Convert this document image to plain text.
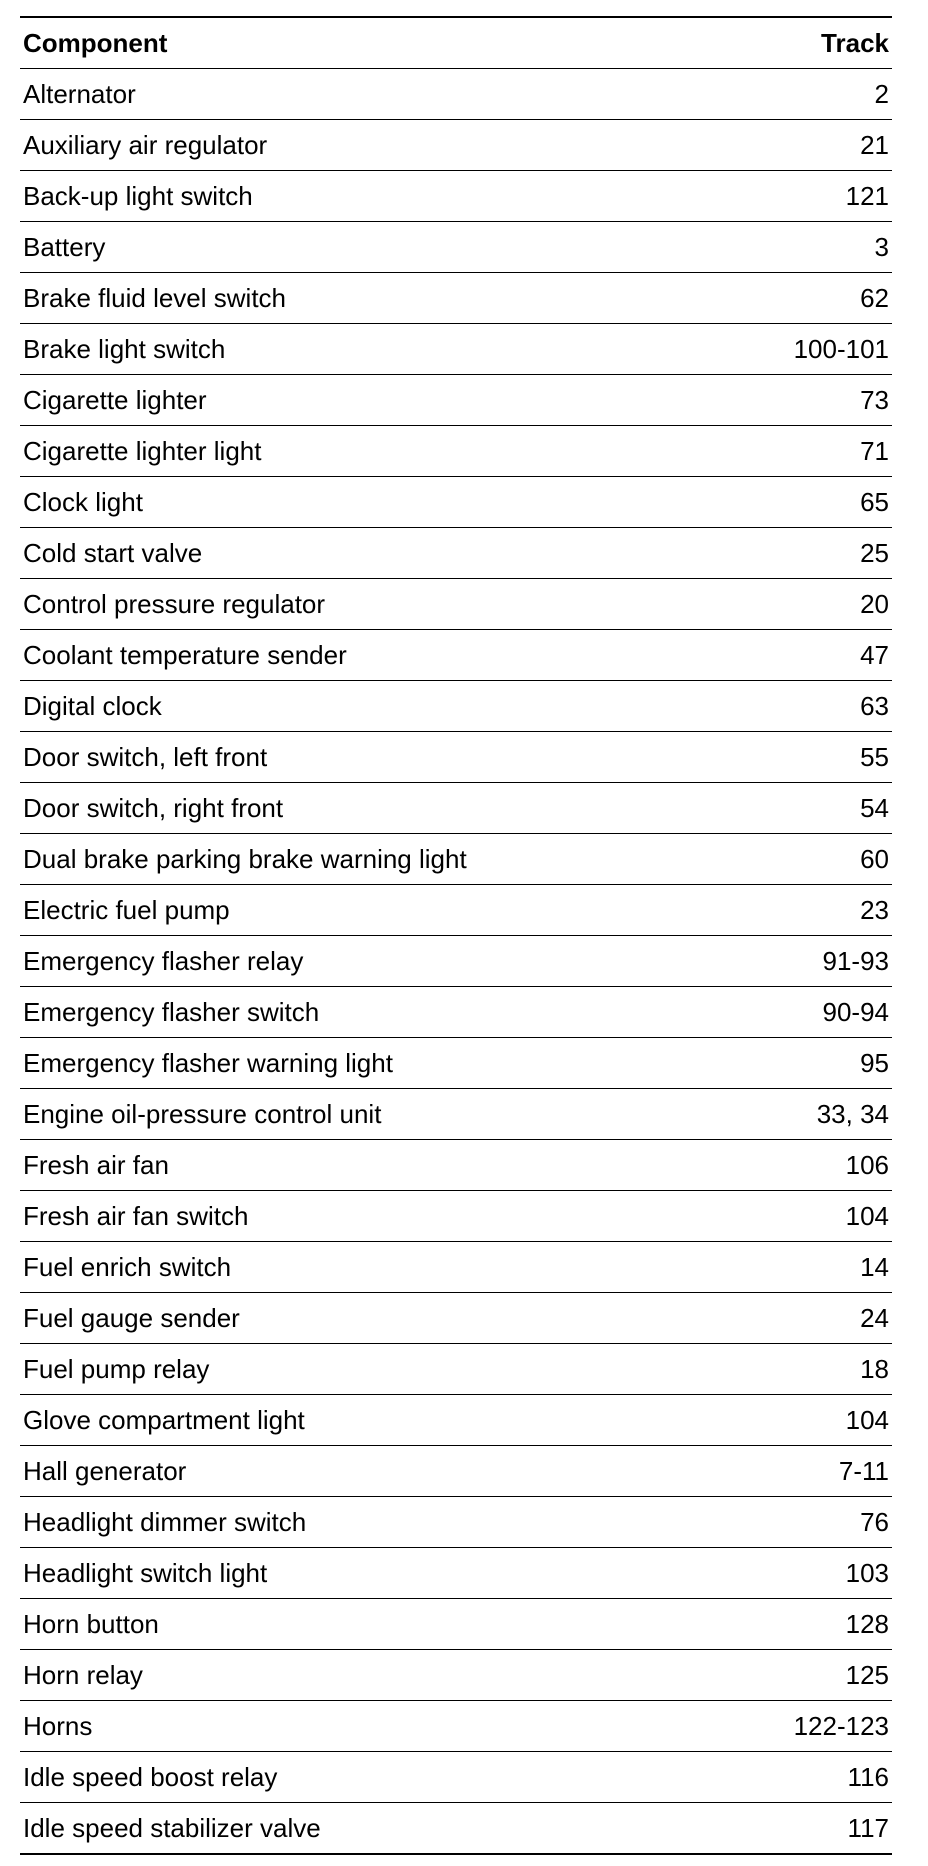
Component	Track
Alternator	2
Auxiliary air regulator	21
Back-up light switch	121
Battery	3
Brake fluid level switch	62
Brake light switch	100-101
Cigarette lighter	73
Cigarette lighter light	71
Clock light	65
Cold start valve	25
Control pressure regulator	20
Coolant temperature sender	47
Digital clock	63
Door switch, left front	55
Door switch, right front	54
Dual brake parking brake warning light	60
Electric fuel pump	23
Emergency flasher relay	91-93
Emergency flasher switch	90-94
Emergency flasher warning light	95
Engine oil-pressure control unit	33, 34
Fresh air fan	106
Fresh air fan switch	104
Fuel enrich switch	14
Fuel gauge sender	24
Fuel pump relay	18
Glove compartment light	104
Hall generator	7-11
Headlight dimmer switch	76
Headlight switch light	103
Horn button	128
Horn relay	125
Horns	122-123
Idle speed boost relay	116
Idle speed stabilizer valve	117
